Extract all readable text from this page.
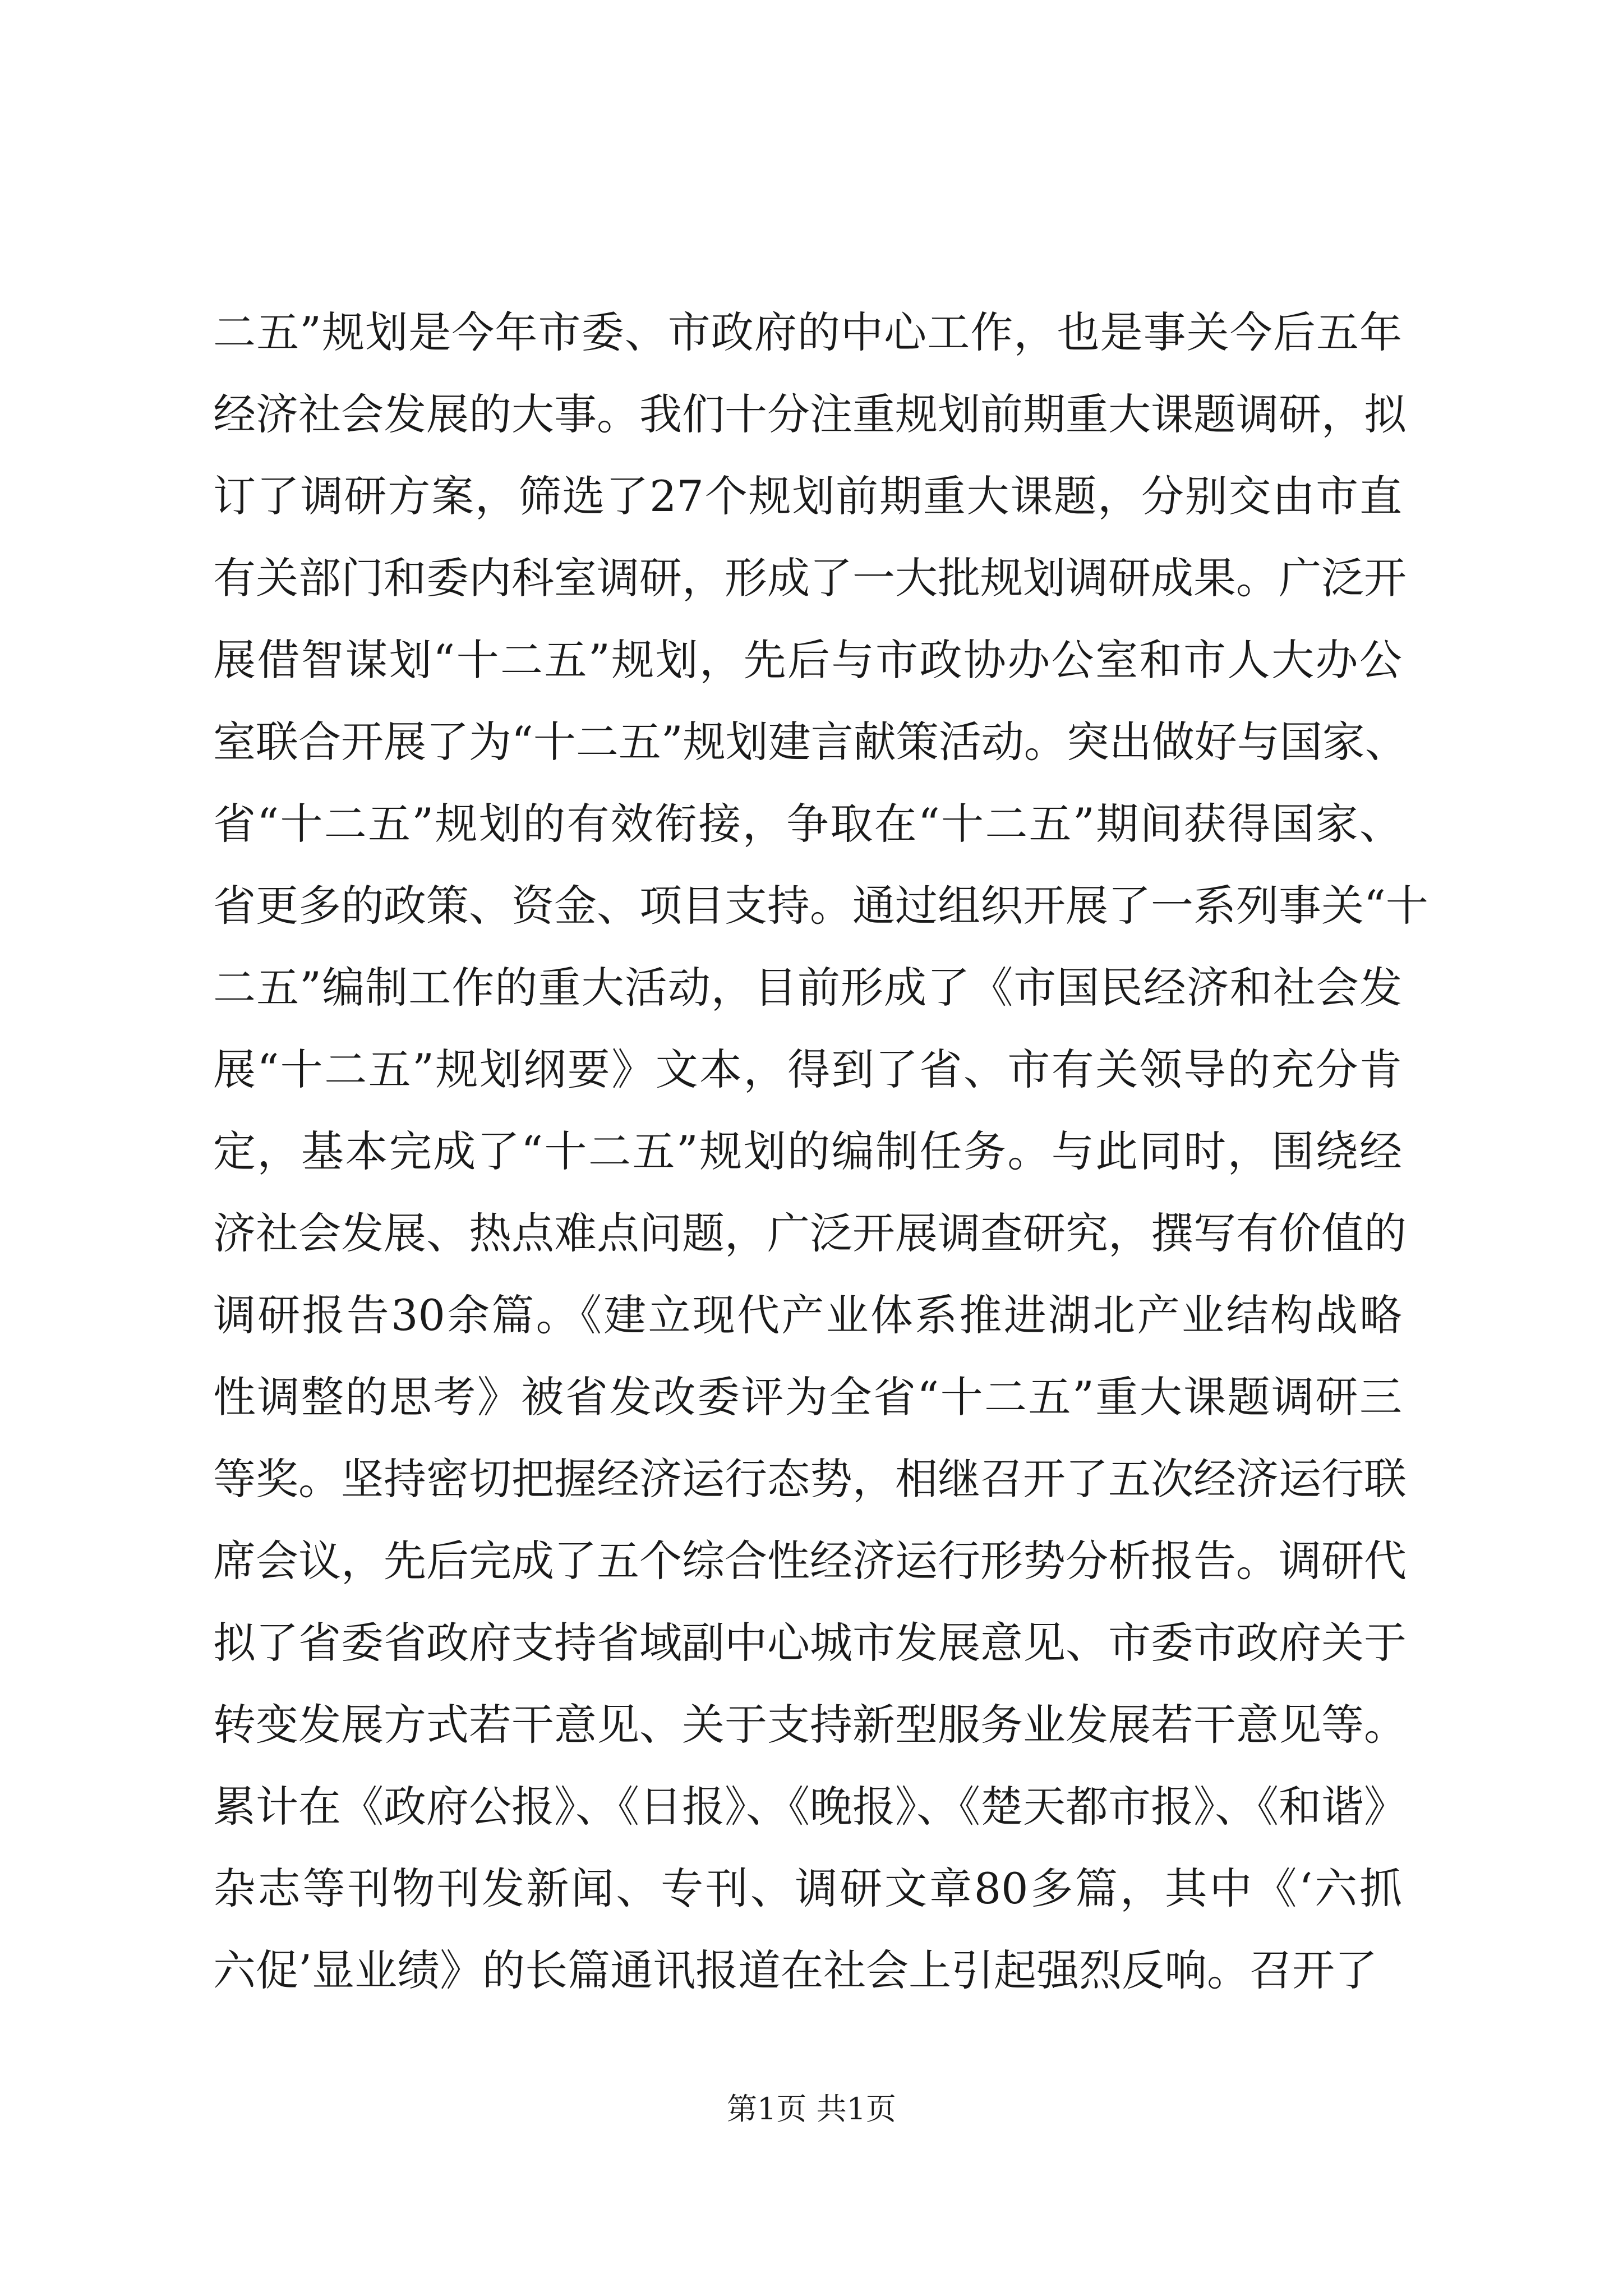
二五”规划是今年市委、市政府的中心工作，也是事关今后五年
经济社会发展的大事。我们十分注重规划前期重大课题调研，拟
订了调研方案，筛选了27个规划前期重大课题，分别交由市直
有关部门和委内科室调研，形成了一大批规划调研成果。广泛开
展借智谋划“十二五”规划，先后与市政协办公室和市人大办公
室联合开展了为“十二五”规划建言献策活动。突出做好与国家、
省“十二五”规划的有效衔接，争取在“十二五”期间获得国家、
省更多的政策、资金、项目支持。通过组织开展了一系列事关“十
二五”编制工作的重大活动，目前形成了《市国民经济和社会发
展“十二五”规划纲要》文本，得到了省、市有关领导的充分肯
定，基本完成了“十二五”规划的编制任务。与此同时，围绕经
济社会发展、热点难点问题，广泛开展调查研究，撰写有价值的
调研报告30余篇。《建立现代产业体系推进湖北产业结构战略
性调整的思考》被省发改委评为全省“十二五”重大课题调研三
等奖。坚持密切把握经济运行态势，相继召开了五次经济运行联
席会议，先后完成了五个综合性经济运行形势分析报告。调研代
拟了省委省政府支持省域副中心城市发展意见、市委市政府关于
转变发展方式若干意见、关于支持新型服务业发展若干意见等。
累计在《政府公报》、《日报》、《晚报》、《楚天都市报》、《和谐》
杂志等刊物刊发新闻、专刊、调研文章80多篇，其中《‘六抓
六促’显业绩》的长篇通讯报道在社会上引起强烈反响。召开了
第1页 共1页
